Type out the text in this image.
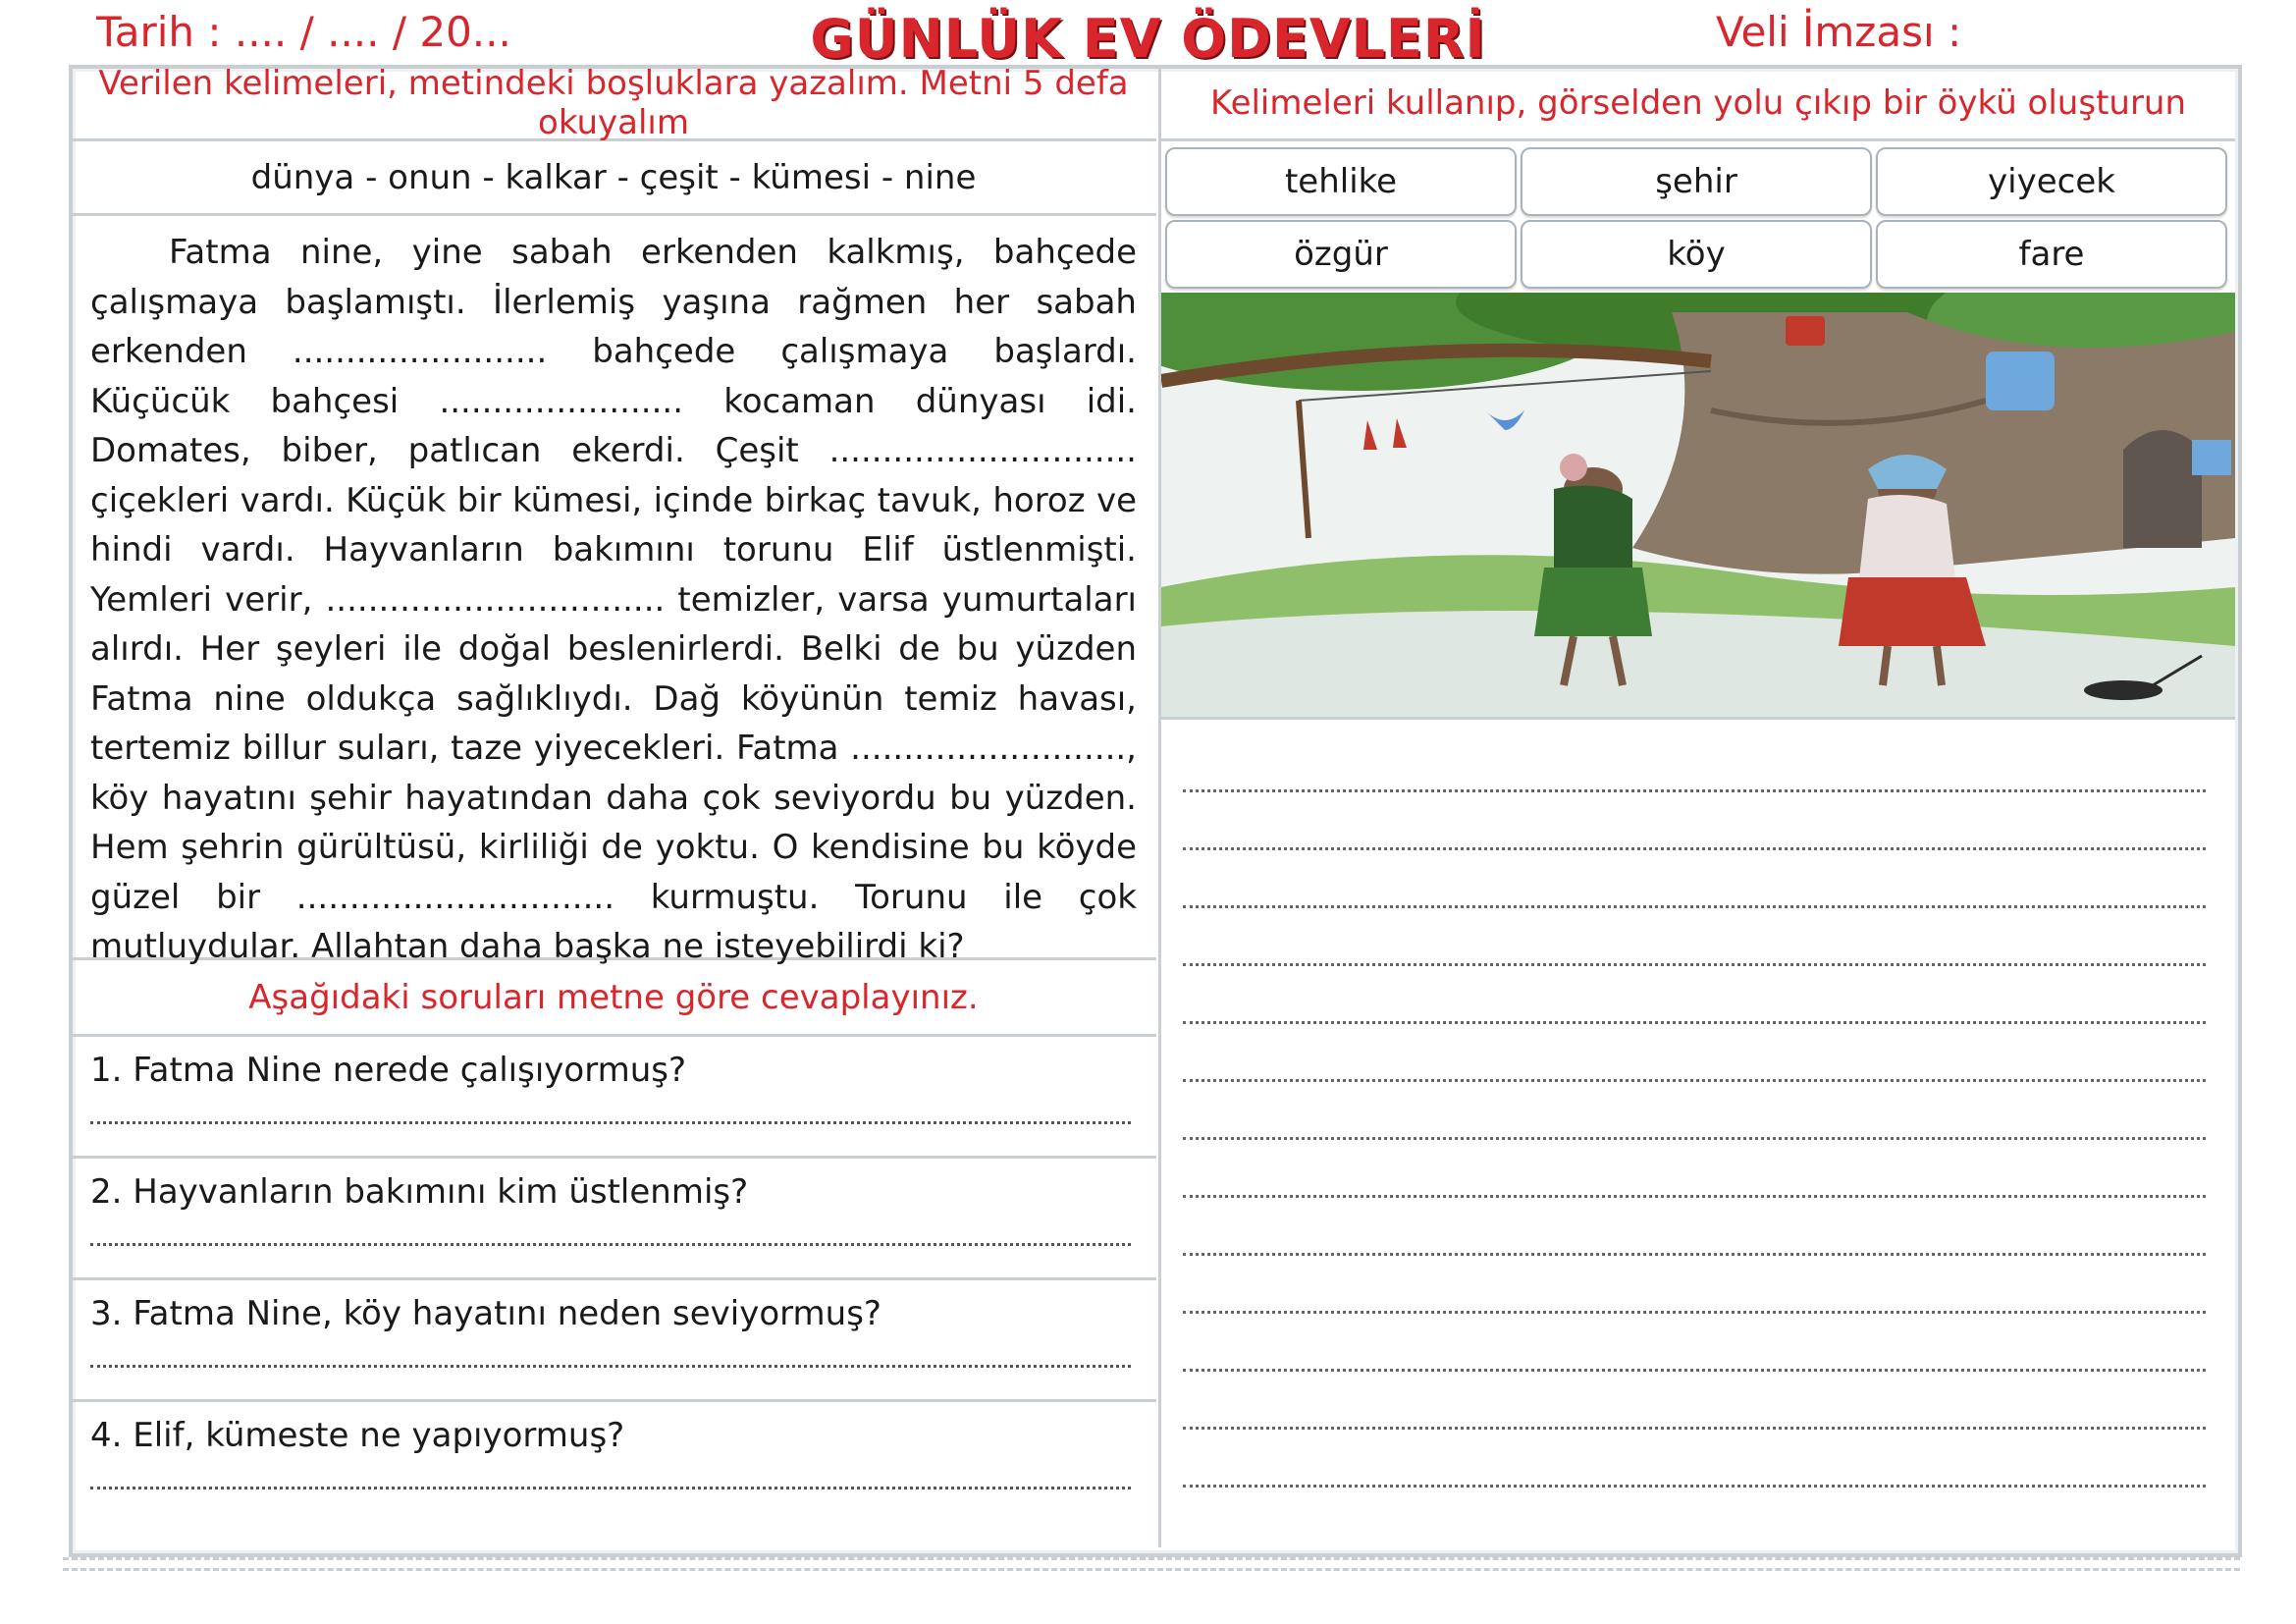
Tarih : .... / .... / 20...	GÜNLÜK EV ÖDEVLERİ	Veli İmzası :
Verilen kelimeleri, metindeki boşluklara yazalım. Metni 5 defa okuyalım
dünya - onun - kalkar - çeşit - kümesi - nine

Fatma nine, yine sabah erkenden kalkmış, bahçede çalışmaya başlamıştı. İlerlemiş yaşına rağmen her sabah erkenden ........................ bahçede çalışmaya başlardı. Küçücük bahçesi ....................... kocaman dünyası idi. Domates, biber, patlıcan ekerdi. Çeşit ............................. çiçekleri vardı. Küçük bir kümesi, içinde birkaç tavuk, horoz ve hindi vardı. Hayvanların bakımını torunu Elif üstlenmişti. Yemleri verir, ................................ temizler, varsa yumurtaları alırdı. Her şeyleri ile doğal beslenirlerdi. Belki de bu yüzden Fatma nine oldukça sağlıklıydı. Dağ köyünün temiz havası, tertemiz billur suları, taze yiyecekleri. Fatma .........................., köy hayatını şehir hayatından daha çok seviyordu bu yüzden. Hem şehrin gürültüsü, kirliliği de yoktu. O kendisine bu köyde güzel bir .............................. kurmuştu. Torunu ile çok mutluydular. Allahtan daha başka ne isteyebilirdi ki?

Aşağıdaki soruları metne göre cevaplayınız.
1. Fatma Nine nerede çalışıyormuş?
2. Hayvanların bakımını kim üstlenmiş?
3. Fatma Nine, köy hayatını neden seviyormuş?
4. Elif, kümeste ne yapıyormuş?
Kelimeleri kullanıp, görselden yolu çıkıp bir öykü oluşturun
tehlike	şehir	yiyecek
özgür	köy	fare
